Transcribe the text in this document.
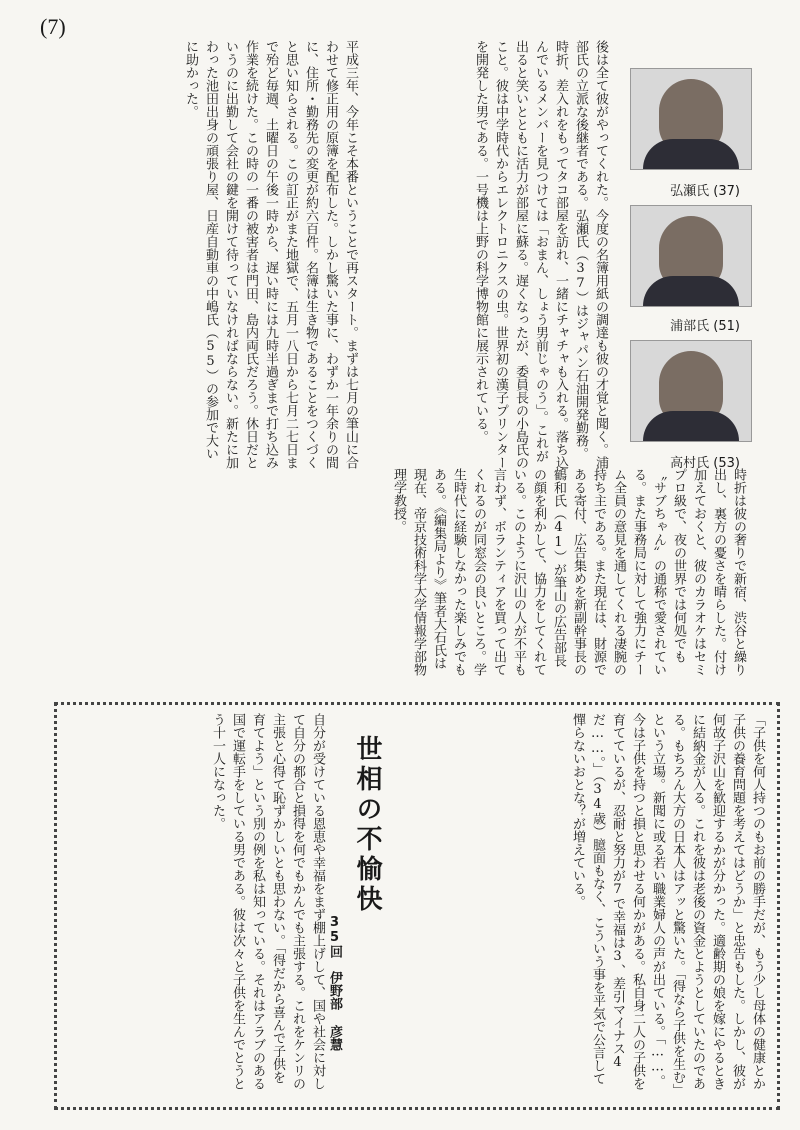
(7)
平成三年、今年こそ本番ということで再スタート。まずは七月の筆山に合わせて修正用の原簿を配布した。しかし驚いた事に、わずか一年余りの間に、住所・勤務先の変更が約六百件。名簿は生き物であることをつくづくと思い知らされる。この訂正がまた地獄で、五月一八日から七月二七日まで殆ど毎週、土曜日の午後一時から、遅い時には九時半過ぎまで打ち込み作業を続けた。この時の一番の被害者は門田、島内両氏だろう。休日だというのに出勤して会社の鍵を開けて待っていなければならない。新たに加わった池田出身の頑張り屋、日産自動車の中嶋氏（55）の参加で大いに助かった。	後は全て彼がやってくれた。今度の名簿用紙の調達も彼の才覚と聞く。浦部氏の立派な後継者である。弘瀬氏（37）はジャパン石油開発勤務。時折、差入れをもってタコ部屋を訪れ、一緒にチャチャも入れる。落ち込んでいるメンバーを見つけては「おまん、しょう男前じゃのう」。これが出ると笑いとともに活力が部屋に蘇る。遅くなったが、委員長の小島氏のこと。彼は中学時代からエレクトロニクスの虫。世界初の漢子プリンターを開発した男である。一号機は上野の科学博物館に展示されている。	弘瀬氏 (37)
浦部氏 (51)
高村氏 (53)
時折は彼の奢りで新宿、渋谷と繰り出し、裏方の憂さを晴らした。付け加えておくと、彼のカラオケはセミプロ級で、夜の世界では何処でも〝サブちゃん〟の通称で愛されている。また事務局に対して強力にチーム全員の意見を通してくれる凄腕の持ち主である。また現在は、財源である寄付、広告集めを新副幹事長の鶴和氏（41）が筆山の広告部長の顔を利かして、協力をしてくれている。このように沢山の人が不平も言わず、ボランティアを買って出てくれるのが同窓会の良いところ。学生時代に経験しなかった楽しみでもある。《編集局より》筆者大石氏は現在、帝京技術科学大学情報学部物理学教授。
「子供を何人持つのもお前の勝手だが、もう少し母体の健康とか子供の養育問題を考えてはどうか」と忠告もした。しかし、彼が何故子沢山を歓迎するかが分かった。適齢期の娘を嫁にやるときに結納金が入る。これを彼は老後の資金とようとしていたのである。もちろん大方の日本人はアッと驚いた。「得なら子供を生む」という立場。新聞に或る若い職業婦人の声が出ている。「……。今は子供を持つと損と思わせる何かがある。私自身二人の子供を育てているが、忍耐と努力が7で幸福は3、差引マイナス4だ……。」（34歳）臆面もなく、こういう事を平気で公言して憚らないおとな？が増えている。
世相の不愉快
35回　伊野部 彦慧
自分が受けている恩恵や幸福をまず棚上げして、国や社会に対して自分の都合と損得を何でもかんでも主張する。これをケンリの主張と心得て恥ずかしいとも思わない。「得だから喜んで子供を育てよう」という別の例を私は知っている。それはアラブのある国で運転手をしている男である。彼は次々と子供を生んでとうとう十一人になった。
